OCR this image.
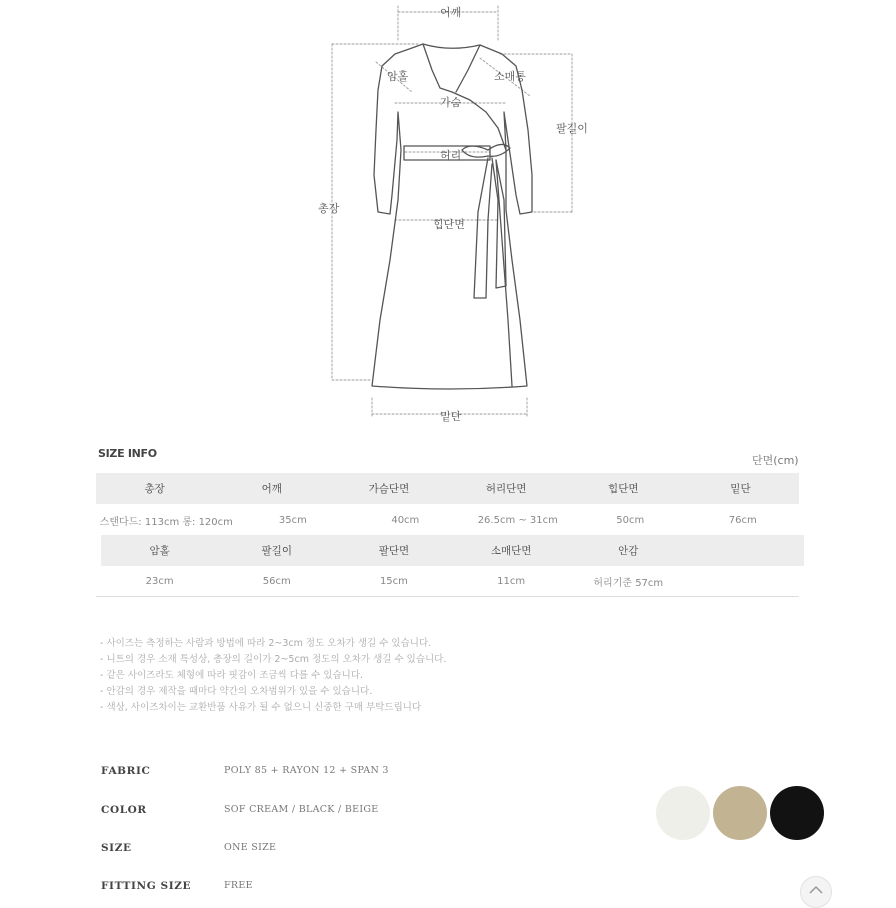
어깨
암홀	소매통
가슴
팔길이
허리
총장
힙단면
밑단
SIZE INFO
단면(cm)
총장	어깨	가슴단면	허리단면	힙단면	밑단
스탠다드: 113cm 롱: 120cm	35cm	40cm	26.5cm ~ 31cm	50cm	76cm
암홀	팔길이	팔단면	소매단면	안감
23cm	56cm	15cm	11cm	허리기준 57cm
- 사이즈는 측정하는 사람과 방법에 따라 2~3cm 정도 오차가 생길 수 있습니다.
- 니트의 경우 소재 특성상, 총장의 길이가 2~5cm 정도의 오차가 생길 수 있습니다.
- 같은 사이즈라도 체형에 따라 핏감이 조금씩 다를 수 있습니다.
- 안감의 경우 제작을 때마다 약간의 오차범위가 있을 수 있습니다.
- 색상, 사이즈차이는 교환반품 사유가 될 수 없으니 신중한 구매 부탁드립니다
FABRIC	POLY 85 + RAYON 12 + SPAN 3
COLOR	SOF CREAM / BLACK / BEIGE
SIZE	ONE SIZE
FITTING SIZE	FREE
